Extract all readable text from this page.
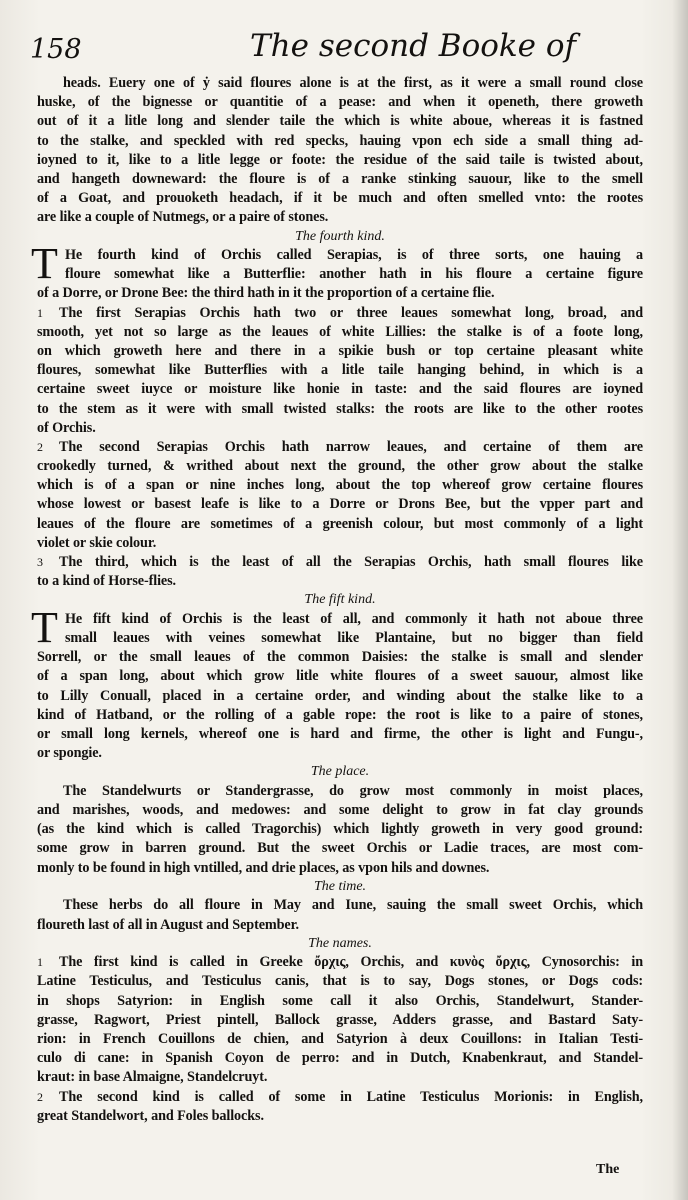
158	The second Booke of
heads. Euery one of ẏ said floures alone is at the first, as it were a small round close
huske, of the bignesse or quantitie of a pease: and when it openeth, there groweth
out of it a litle long and slender taile the which is white aboue, whereas it is fastned
to the stalke, and speckled with red specks, hauing vpon ech side a small thing ad-
ioyned to it, like to a litle legge or foote: the residue of the said taile is twisted about,
and hangeth downeward: the floure is of a ranke stinking sauour, like to the smell
of a Goat, and prouoketh headach, if it be much and often smelled vnto: the rootes
are like a couple of Nutmegs, or a paire of stones.
The fourth kind.
T He fourth kind of Orchis called Serapias, is of three sorts, one hauing a
floure somewhat like a Butterflie: another hath in his floure a certaine figure
of a Dorre, or Drone Bee: the third hath in it the proportion of a certaine flie.
1 The first Serapias Orchis hath two or three leaues somewhat long, broad, and
smooth, yet not so large as the leaues of white Lillies: the stalke is of a foote long,
on which groweth here and there in a spikie bush or top certaine pleasant white
floures, somewhat like Butterflies with a litle taile hanging behind, in which is a
certaine sweet iuyce or moisture like honie in taste: and the said floures are ioyned
to the stem as it were with small twisted stalks: the roots are like to the other rootes
of Orchis.
2 The second Serapias Orchis hath narrow leaues, and certaine of them are
crookedly turned, & writhed about next the ground, the other grow about the stalke
which is of a span or nine inches long, about the top whereof grow certaine floures
whose lowest or basest leafe is like to a Dorre or Drons Bee, but the vpper part and
leaues of the floure are sometimes of a greenish colour, but most commonly of a light
violet or skie colour.
3 The third, which is the least of all the Serapias Orchis, hath small floures like
to a kind of Horse-flies.
The fift kind.
T He fift kind of Orchis is the least of all, and commonly it hath not aboue three
small leaues with veines somewhat like Plantaine, but no bigger than field
Sorrell, or the small leaues of the common Daisies: the stalke is small and slender
of a span long, about which grow litle white floures of a sweet sauour, almost like
to Lilly Conuall, placed in a certaine order, and winding about the stalke like to a
kind of Hatband, or the rolling of a gable rope: the root is like to a paire of stones,
or small long kernels, whereof one is hard and firme, the other is light and Fungu-,
or spongie.
The place.
The Standelwurts or Standergrasse, do grow most commonly in moist places,
and marishes, woods, and medowes: and some delight to grow in fat clay grounds
(as the kind which is called Tragorchis) which lightly groweth in very good ground:
some grow in barren ground. But the sweet Orchis or Ladie traces, are most com-
monly to be found in high vntilled, and drie places, as vpon hils and downes.
The time.
These herbs do all floure in May and Iune, sauing the small sweet Orchis, which
floureth last of all in August and September.
The names.
1 The first kind is called in Greeke ὄρχις, Orchis, and κυνὸς ὄρχις, Cynosorchis: in
Latine Testiculus, and Testiculus canis, that is to say, Dogs stones, or Dogs cods:
in shops Satyrion: in English some call it also Orchis, Standelwurt, Stander-
grasse, Ragwort, Priest pintell, Ballock grasse, Adders grasse, and Bastard Saty-
rion: in French Couillons de chien, and Satyrion à deux Couillons: in Italian Testi-
culo di cane: in Spanish Coyon de perro: and in Dutch, Knabenkraut, and Standel-
kraut: in base Almaigne, Standelcruyt.
2 The second kind is called of some in Latine Testiculus Morionis: in English,
great Standelwort, and Foles ballocks.
The
